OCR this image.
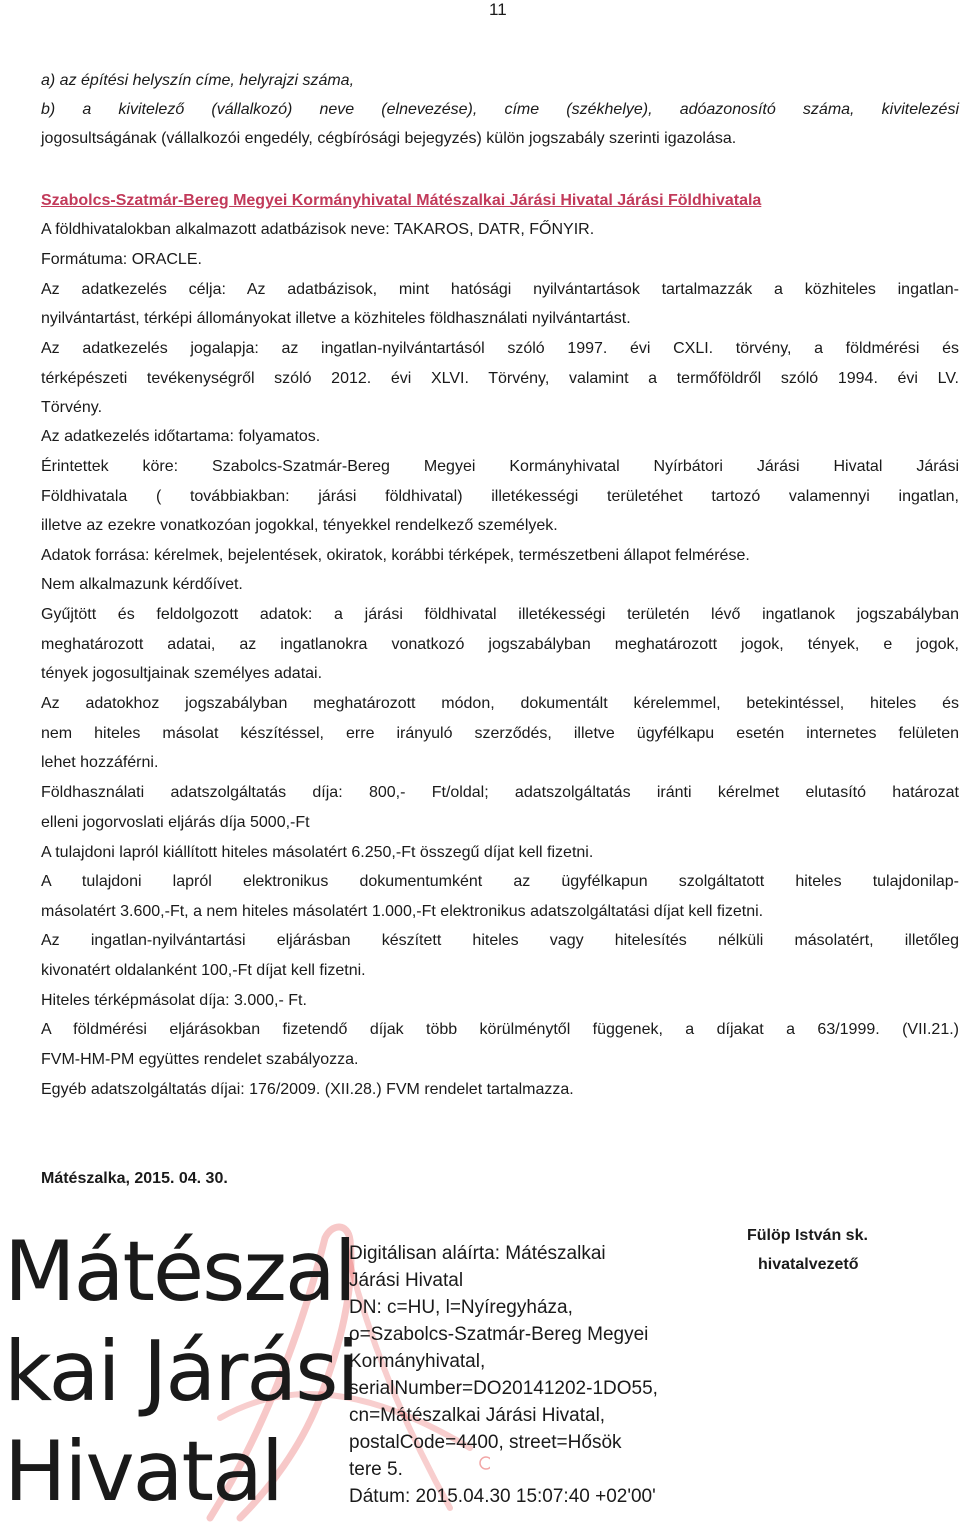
11

a) az építési helyszín címe, helyrajzi száma,

b) a kivitelező (vállalkozó) neve (elnevezése), címe (székhelye), adóazonosító száma, kivitelezési

jogosultságának (vállalkozói engedély, cégbírósági bejegyzés) külön jogszabály szerinti igazolása.

Szabolcs-Szatmár-Bereg Megyei Kormányhivatal Mátészalkai Járási Hivatal Járási Földhivatala

A földhivatalokban alkalmazott adatbázisok neve: TAKAROS, DATR, FŐNYIR.

Formátuma: ORACLE.

Az adatkezelés célja: Az adatbázisok, mint hatósági nyilvántartások tartalmazzák a közhiteles ingatlan-

nyilvántartást, térképi állományokat illetve a közhiteles földhasználati nyilvántartást.

Az adatkezelés jogalapja: az ingatlan-nyilvántartásól szóló 1997. évi CXLI. törvény, a földmérési és

térképészeti tevékenységről szóló 2012. évi XLVI. Törvény, valamint a termőföldről szóló 1994. évi LV.

Törvény.

Az adatkezelés időtartama: folyamatos.

Érintettek köre: Szabolcs-Szatmár-Bereg Megyei Kormányhivatal Nyírbátori Járási Hivatal Járási

Földhivatala ( továbbiakban: járási földhivatal) illetékességi területéhet tartozó valamennyi ingatlan,

illetve az ezekre vonatkozóan jogokkal, tényekkel rendelkező személyek.

Adatok forrása: kérelmek, bejelentések, okiratok, korábbi térképek, természetbeni állapot felmérése.

Nem alkalmazunk kérdőívet.

Gyűjtött és feldolgozott adatok: a járási földhivatal illetékességi területén lévő ingatlanok jogszabályban

meghatározott adatai, az ingatlanokra vonatkozó jogszabályban meghatározott jogok, tények, e jogok,

tények jogosultjainak személyes adatai.

Az adatokhoz jogszabályban meghatározott módon, dokumentált kérelemmel, betekintéssel, hiteles és

nem hiteles másolat készítéssel, erre irányuló szerződés, illetve ügyfélkapu esetén internetes felületen

lehet hozzáférni.

Földhasználati adatszolgáltatás díja: 800,- Ft/oldal; adatszolgáltatás iránti kérelmet elutasító határozat

elleni jogorvoslati eljárás díja 5000,-Ft

A tulajdoni lapról kiállított hiteles másolatért 6.250,-Ft összegű díjat kell fizetni.

A tulajdoni lapról elektronikus dokumentumként az ügyfélkapun szolgáltatott hiteles tulajdonilap-

másolatért 3.600,-Ft, a nem hiteles másolatért 1.000,-Ft elektronikus adatszolgáltatási díjat kell fizetni.

Az ingatlan-nyilvántartási eljárásban készített hiteles vagy hitelesítés nélküli másolatért, illetőleg

kivonatért oldalanként 100,-Ft díjat kell fizetni.

Hiteles térképmásolat díja: 3.000,- Ft.

A földmérési eljárásokban fizetendő díjak több körülménytől függenek, a díjakat a 63/1999. (VII.21.)

FVM-HM-PM együttes rendelet szabályozza.

Egyéb adatszolgáltatás díjai: 176/2009. (XII.28.) FVM rendelet tartalmazza.

Mátészalka, 2015. 04. 30.

Mátészal
kai Járási
Hivatal
Digitálisan aláírta: Mátészalkai
Járási Hivatal
DN: c=HU, l=Nyíregyháza,
o=Szabolcs-Szatmár-Bereg Megyei
Kormányhivatal,
serialNumber=DO20141202-1DO55,
cn=Mátészalkai Járási Hivatal,
postalCode=4400, street=Hősök
tere 5.
Dátum: 2015.04.30 15:07:40 +02'00'
Fülöp István sk.
hivatalvezető
